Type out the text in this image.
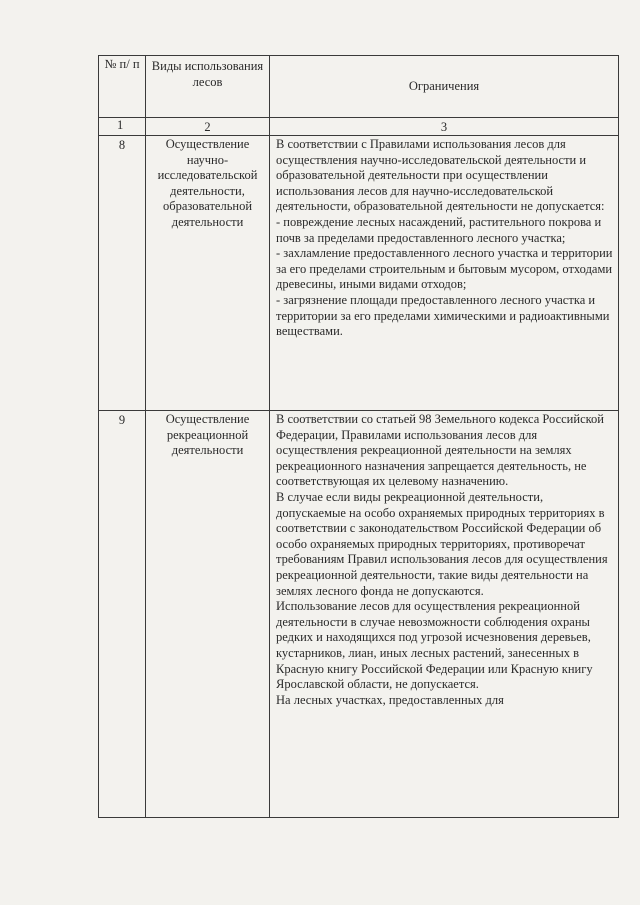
№ п/ п	Виды использования лесов	Ограничения
1	2	3
8	Осуществление научно-исследовательской деятельности, образовательной деятельности	В соответствии с Правилами использования лесов для осуществления научно-исследовательской деятельности и образовательной деятельности при осуществлении использования лесов для научно-исследовательской деятельности, образовательной деятельности не допускается:

- повреждение лесных насаждений, растительного покрова и почв за пределами предоставленного лесного участка;

- захламление предоставленного лесного участка и территории за его пределами строительным и бытовым мусором, отходами древесины, иными видами отходов;

- загрязнение площади предоставленного лесного участка и территории за его пределами химическими и радиоактивными веществами.

9	Осуществление рекреационной деятельности	В соответствии со статьей 98 Земельного кодекса Российской Федерации, Правилами использования лесов для осуществления рекреационной деятельности на землях рекреационного назначения запрещается деятельность, не соответствующая их целевому назначению.

В случае если виды рекреационной деятельности, допускаемые на особо охраняемых природных территориях в соответствии с законодательством Российской Федерации об особо охраняемых природных территориях, противоречат требованиям Правил использования лесов для осуществления рекреационной деятельности, такие виды деятельности на землях лесного фонда не допускаются.

Использование лесов для осуществления рекреационной деятельности в случае невозможности соблюдения охраны редких и находящихся под угрозой исчезновения деревьев, кустарников, лиан, иных лесных растений, занесенных в Красную книгу Российской Федерации или Красную книгу Ярославской области, не допускается.

На лесных участках, предоставленных для
